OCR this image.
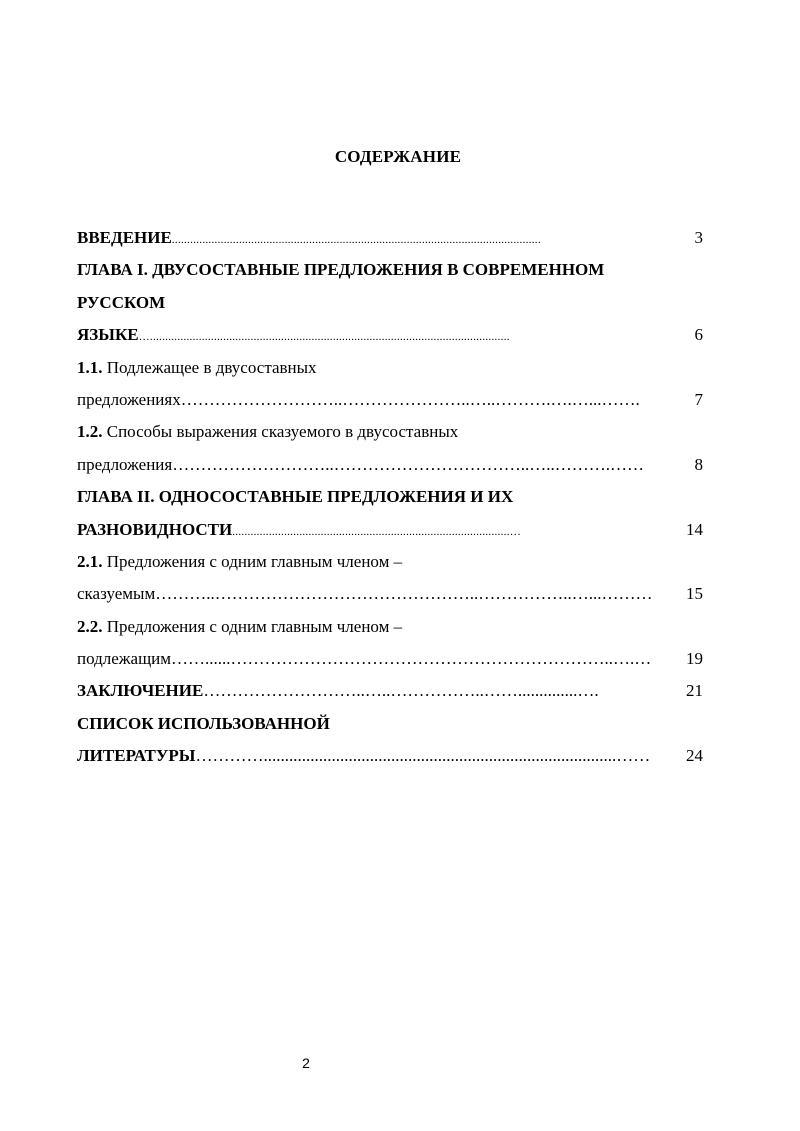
СОДЕРЖАНИЕ
ВВЕДЕНИЕ .........................................................................................................................	3
ГЛАВА I. ДВУСОСТАВНЫЕ ПРЕДЛОЖЕНИЯ В СОВРЕМЕННОМ
РУССКОМ
ЯЗЫКЕ …......................................................................................................................	6
1.1. Подлежащее в двусоставных
предложениях ………………………..…………………..…..……….….…...…….	7
1.2. Способы выражения сказуемого в двусоставных
предложения ………………………..……………………………..…..……….……	8
ГЛАВА II. ОДНОСОСТАВНЫЕ ПРЕДЛОЖЕНИЯ И ИХ
РАЗНОВИДНОСТИ ...........................................................................................…	14
2.1. Предложения с одним главным членом –
сказуемым ………..………………………………………..……………..…...………	15
2.2. Предложения с одним главным членом –
подлежащим ……......…………………………………………………………..….…	19
ЗАКЛЮЧЕНИЕ ………………………..…..……………..……..............….	21
СПИСОК ИСПОЛЬЗОВАННОЙ
ЛИТЕРАТУРЫ …………...................................................................................……	24
2
